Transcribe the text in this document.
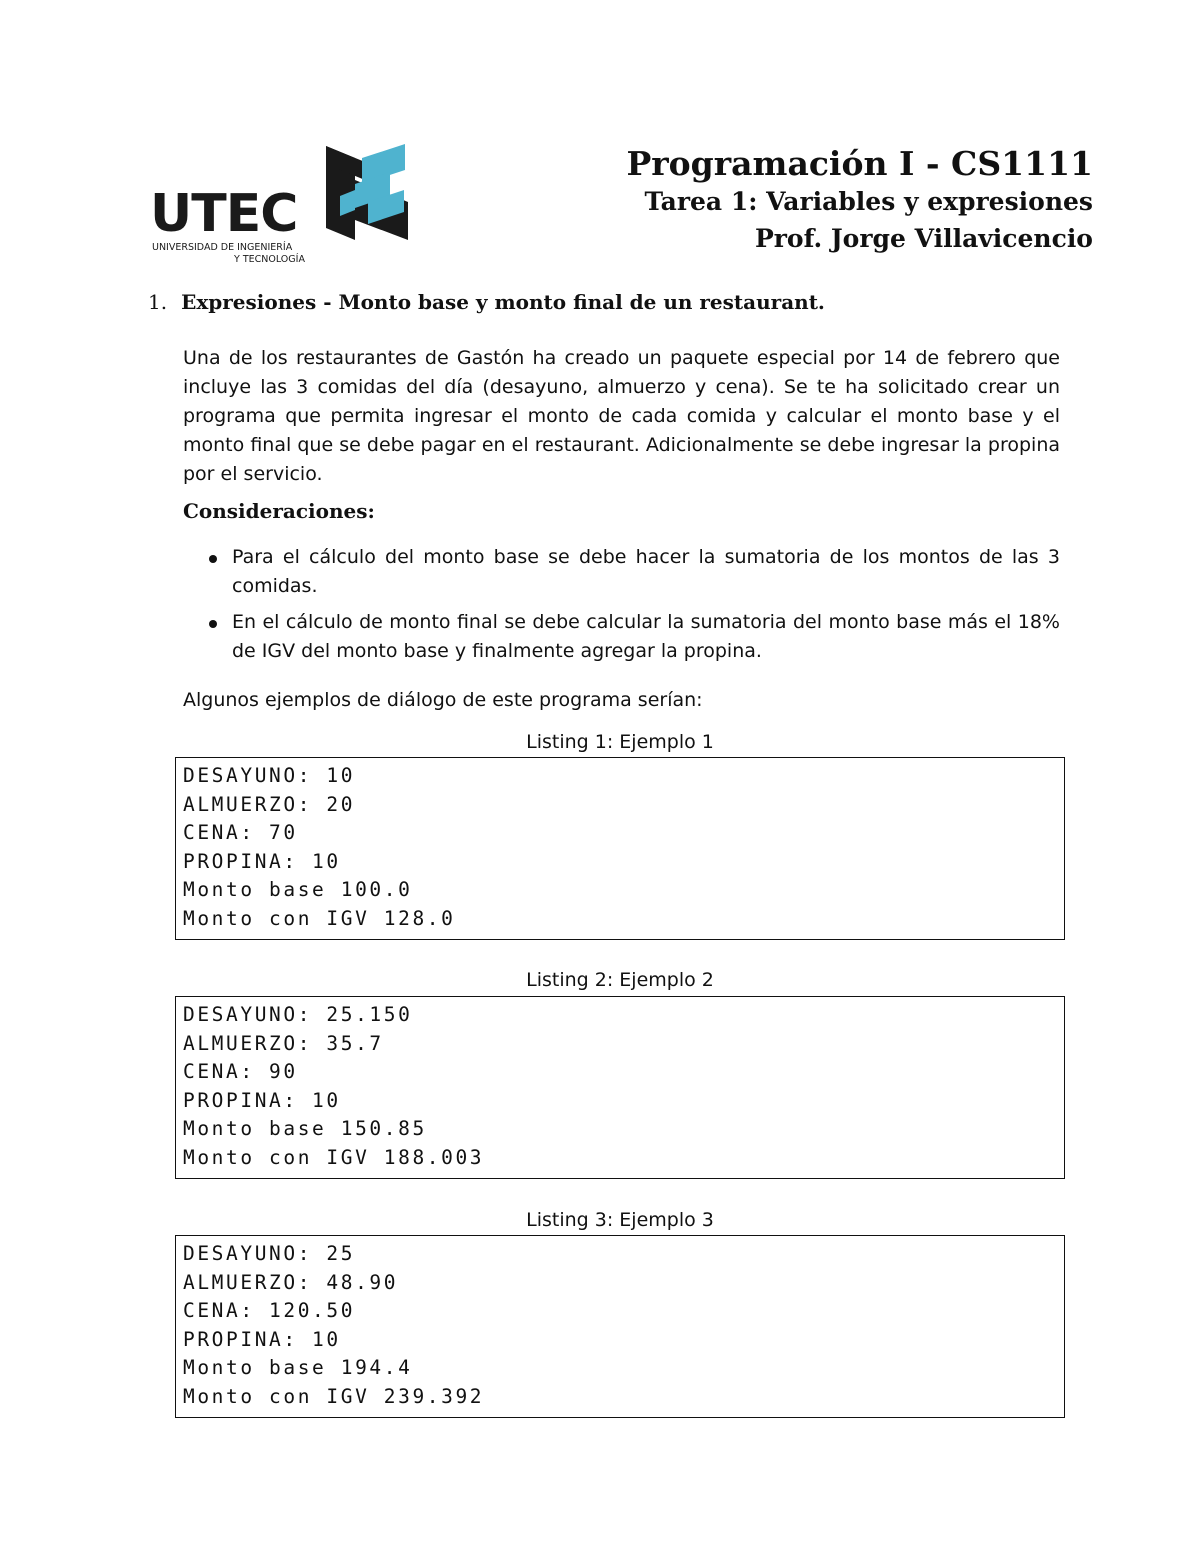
UTEC
UNIVERSIDAD DE INGENIERÍA
Y TECNOLOGÍA
Programación I - CS1111
Tarea 1: Variables y expresiones
Prof. Jorge Villavicencio
1. Expresiones - Monto base y monto final de un restaurant.
Una de los restaurantes de Gastón ha creado un paquete especial por 14 de febrero que incluye las 3 comidas del día (desayuno, almuerzo y cena). Se te ha solicitado crear un programa que permita ingresar el monto de cada comida y calcular el monto base y el monto final que se debe pagar en el restaurant. Adicionalmente se debe ingresar la propina por el servicio.
Consideraciones:
Para el cálculo del monto base se debe hacer la sumatoria de los montos de las 3 comidas.
En el cálculo de monto final se debe calcular la sumatoria del monto base más el 18% de IGV del monto base y finalmente agregar la propina.
Algunos ejemplos de diálogo de este programa serían:
Listing 1: Ejemplo 1
DESAYUNO: 10
ALMUERZO: 20
CENA: 70
PROPINA: 10
Monto base 100.0
Monto con IGV 128.0
Listing 2: Ejemplo 2
DESAYUNO: 25.150
ALMUERZO: 35.7
CENA: 90
PROPINA: 10
Monto base 150.85
Monto con IGV 188.003
Listing 3: Ejemplo 3
DESAYUNO: 25
ALMUERZO: 48.90
CENA: 120.50
PROPINA: 10
Monto base 194.4
Monto con IGV 239.392
